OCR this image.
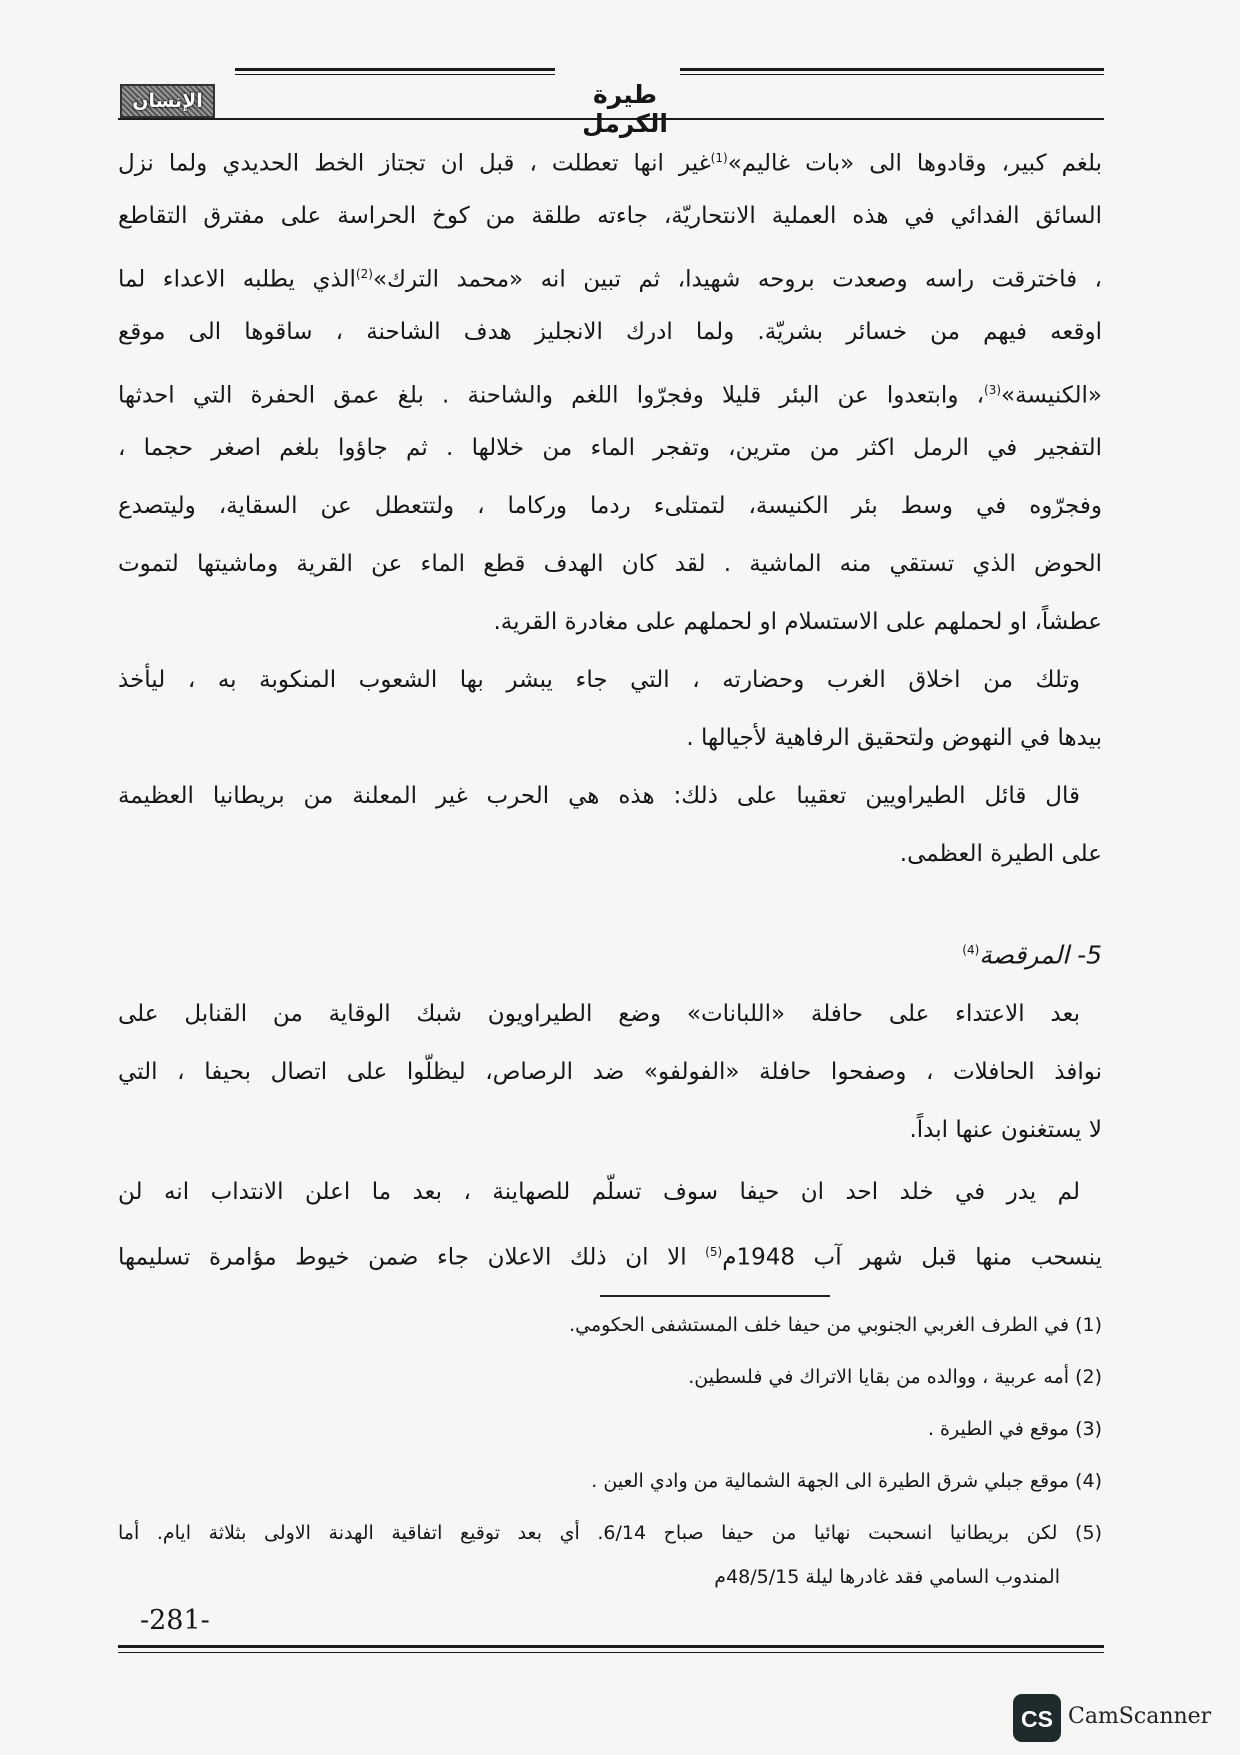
طيرة الكرمل
الإنسان
بلغم كبير، وقادوها الى «بات غاليم»$^{(1)}$غير انها تعطلت ، قبل ان تجتاز الخط الحديدي ولما نزل
السائق الفدائي في هذه العملية الانتحاريّة، جاءته طلقة من كوخ الحراسة على مفترق التقاطع
، فاخترقت راسه وصعدت بروحه شهيدا، ثم تبين انه «محمد الترك»$^{(2)}$الذي يطلبه الاعداء لما
اوقعه فيهم من خسائر بشريّة. ولما ادرك الانجليز هدف الشاحنة ، ساقوها الى موقع
«الكنيسة»$^{(3)}$، وابتعدوا عن البئر قليلا وفجرّوا اللغم والشاحنة . بلغ عمق الحفرة التي احدثها
التفجير في الرمل اكثر من مترين، وتفجر الماء من خلالها . ثم جاؤوا بلغم اصغر حجما ،
وفجرّوه في وسط بئر الكنيسة، لتمتلىء ردما وركاما ، ولتتعطل عن السقاية، وليتصدع
الحوض الذي تستقي منه الماشية . لقد كان الهدف قطع الماء عن القرية وماشيتها لتموت
عطشاً، او لحملهم على الاستسلام او لحملهم على مغادرة القرية.
وتلك من اخلاق الغرب وحضارته ، التي جاء يبشر بها الشعوب المنكوبة به ، ليأخذ
بيدها في النهوض ولتحقيق الرفاهية لأجيالها .
قال قائل الطيراويين تعقيبا على ذلك: هذه هي الحرب غير المعلنة من بريطانيا العظيمة
على الطيرة العظمى.
5- المرقصة$^{(4)}$
بعد الاعتداء على حافلة «اللبانات» وضع الطيراويون شبك الوقاية من القنابل على
نوافذ الحافلات ، وصفحوا حافلة «الفولفو» ضد الرصاص، ليظلّوا على اتصال بحيفا ، التي
لا يستغنون عنها ابداً.
لم يدر في خلد احد ان حيفا سوف تسلّم للصهاينة ، بعد ما اعلن الانتداب انه لن
ينسحب منها قبل شهر آب 1948م$^{(5)}$ الا ان ذلك الاعلان جاء ضمن خيوط مؤامرة تسليمها
(1) في الطرف الغربي الجنوبي من حيفا خلف المستشفى الحكومي.
(2) أمه عربية ، ووالده من بقايا الاتراك في فلسطين.
(3) موقع في الطيرة .
(4) موقع جبلي شرق الطيرة الى الجهة الشمالية من وادي العين .
(5) لكن بريطانيا انسحبت نهائيا من حيفا صباح 6/14. أي بعد توقيع اتفاقية الهدنة الاولى بثلاثة ايام. أما
المندوب السامي فقد غادرها ليلة 48/5/15م
-281-
CS CamScanner
